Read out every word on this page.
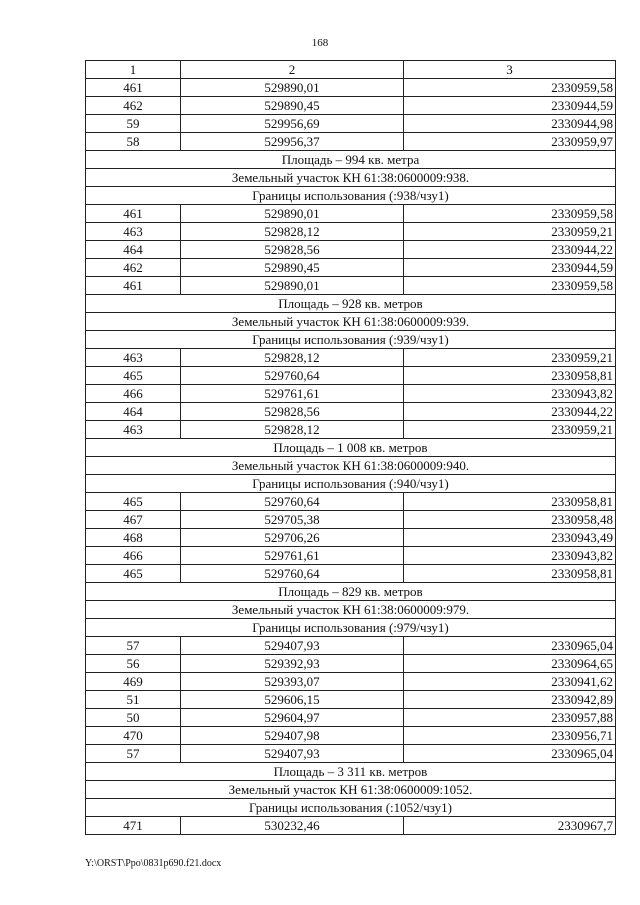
168
1	2	3
461	529890,01	2330959,58
462	529890,45	2330944,59
59	529956,69	2330944,98
58	529956,37	2330959,97
Площадь – 994 кв. метра		
Земельный участок КН 61:38:0600009:938.		
Границы использования (:938/чзу1)		
461	529890,01	2330959,58
463	529828,12	2330959,21
464	529828,56	2330944,22
462	529890,45	2330944,59
461	529890,01	2330959,58
Площадь – 928 кв. метров		
Земельный участок КН 61:38:0600009:939.		
Границы использования (:939/чзу1)		
463	529828,12	2330959,21
465	529760,64	2330958,81
466	529761,61	2330943,82
464	529828,56	2330944,22
463	529828,12	2330959,21
Площадь – 1 008 кв. метров		
Земельный участок КН 61:38:0600009:940.		
Границы использования (:940/чзу1)		
465	529760,64	2330958,81
467	529705,38	2330958,48
468	529706,26	2330943,49
466	529761,61	2330943,82
465	529760,64	2330958,81
Площадь – 829 кв. метров		
Земельный участок КН 61:38:0600009:979.		
Границы использования (:979/чзу1)		
57	529407,93	2330965,04
56	529392,93	2330964,65
469	529393,07	2330941,62
51	529606,15	2330942,89
50	529604,97	2330957,88
470	529407,98	2330956,71
57	529407,93	2330965,04
Площадь – 3 311 кв. метров		
Земельный участок КН 61:38:0600009:1052.		
Границы использования (:1052/чзу1)		
471	530232,46	2330967,7
Y:\ORST\Ppo\0831p690.f21.docx
